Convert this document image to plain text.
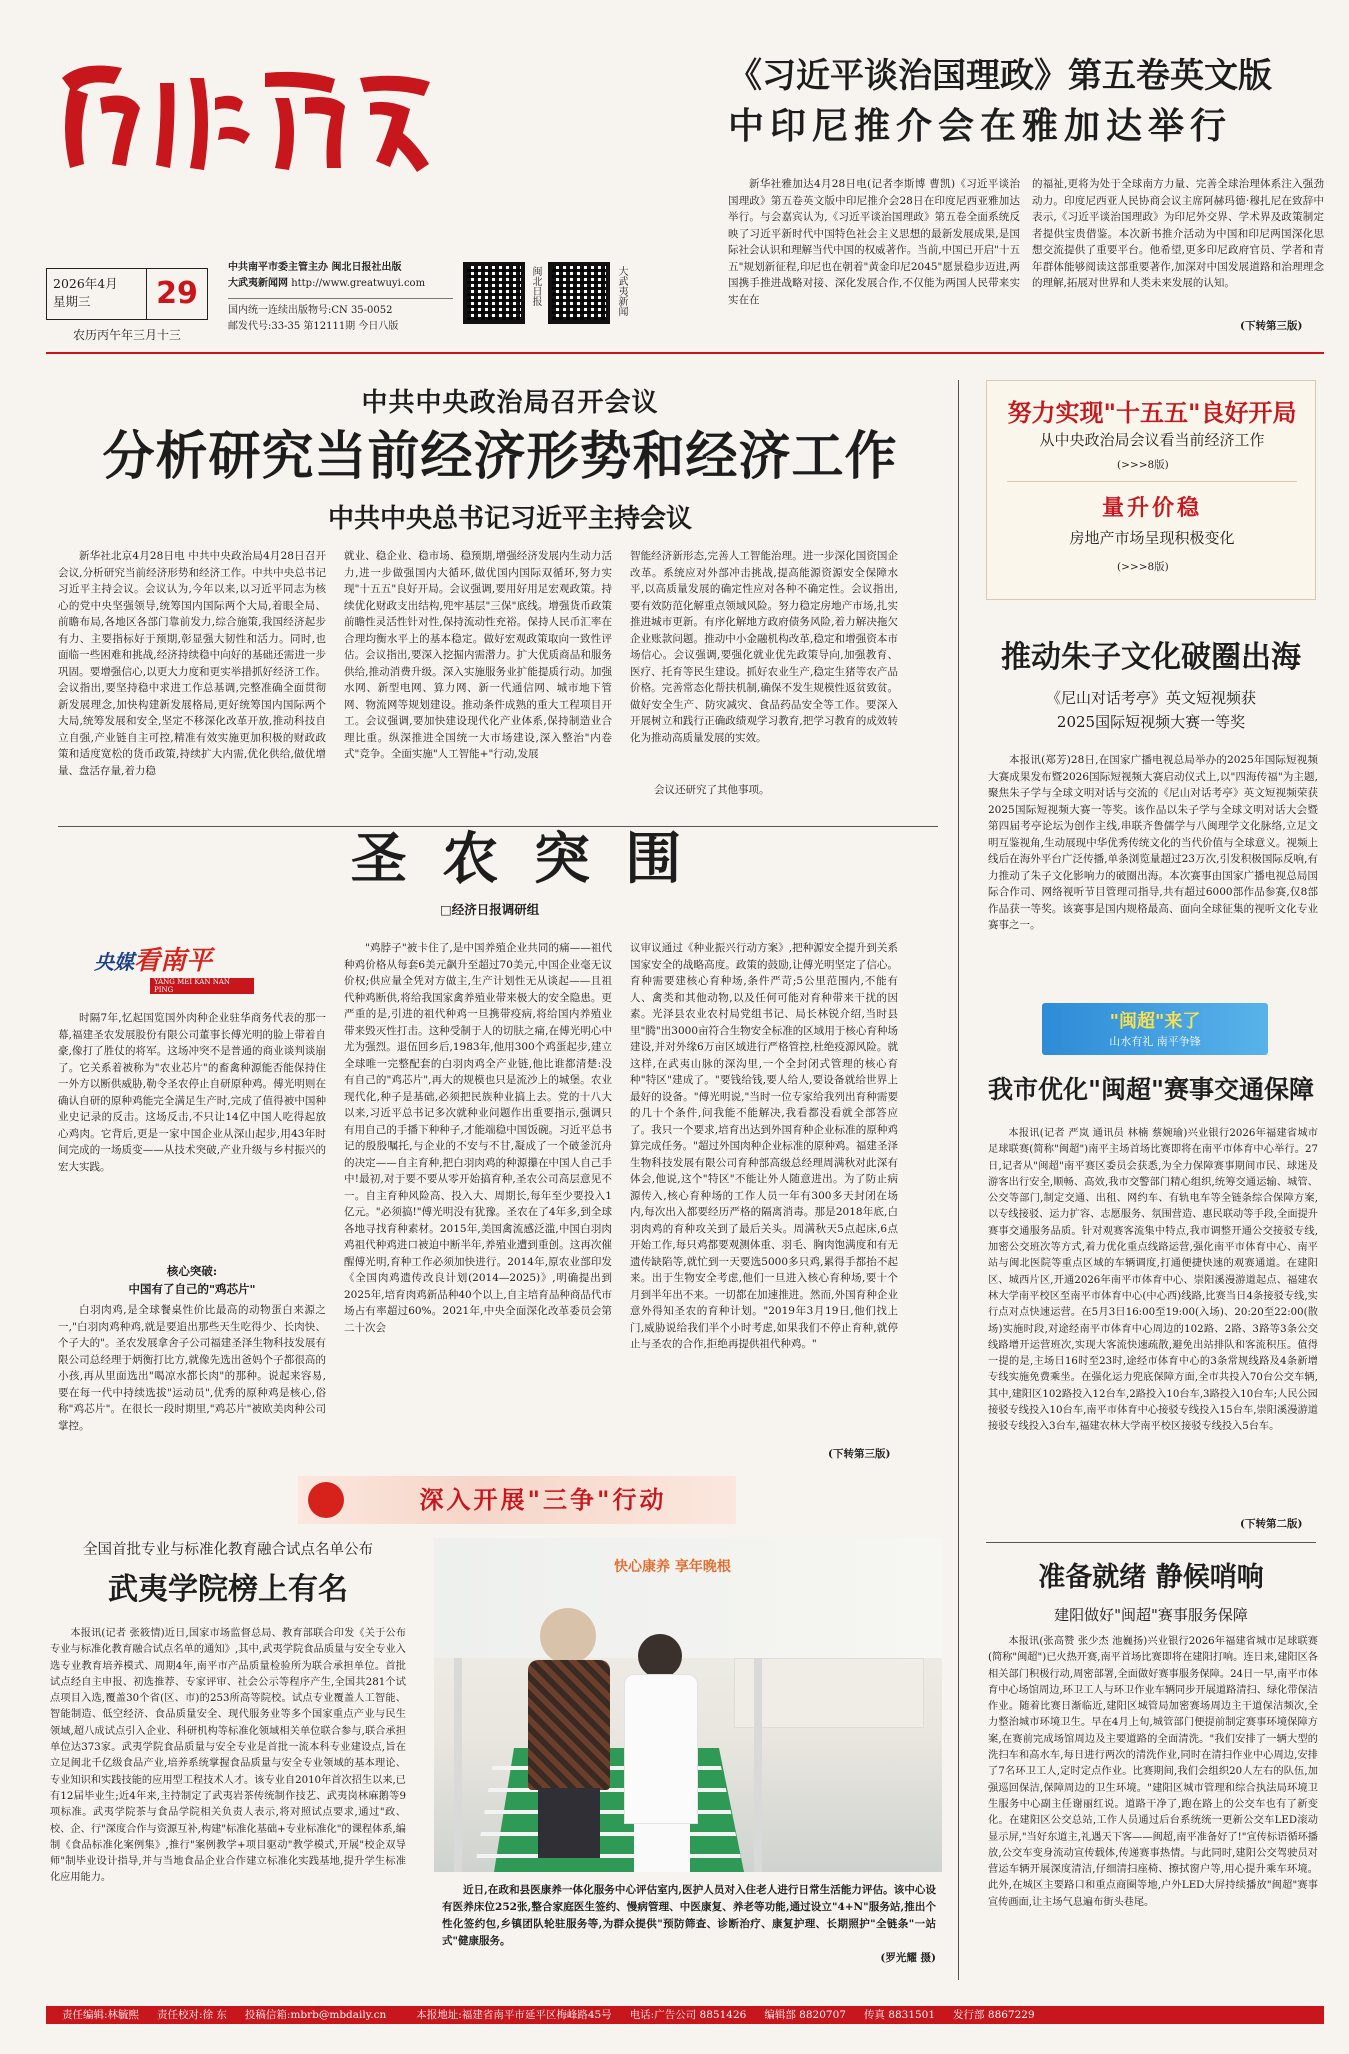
2026年4月
星期三	29
农历丙午年三月十三
中共南平市委主管主办 闽北日报社出版
大武夷新闻网 http://www.greatwuyi.com
国内统一连续出版物号:CN 35-0052
邮发代号:33-35 第12111期 今日八版
闽北日报	大武夷新闻
《习近平谈治国理政》第五卷英文版
中印尼推介会在雅加达举行

新华社雅加达4月28日电(记者李斯博 曹凯)《习近平谈治国理政》第五卷英文版中印尼推介会28日在印度尼西亚雅加达举行。与会嘉宾认为,《习近平谈治国理政》第五卷全面系统反映了习近平新时代中国特色社会主义思想的最新发展成果,是国际社会认识和理解当代中国的权威著作。当前,中国已开启"十五五"规划新征程,印尼也在朝着"黄金印尼2045"愿景稳步迈进,两国携手推进战略对接、深化发展合作,不仅能为两国人民带来实实在在

的福祉,更将为处于全球南方力量、完善全球治理体系注入强劲动力。印度尼西亚人民协商会议主席阿赫玛德·穆扎尼在致辞中表示,《习近平谈治国理政》为印尼外交界、学术界及政策制定者提供宝贵借鉴。本次新书推介活动为中国和印尼两国深化思想交流提供了重要平台。他希望,更多印尼政府官员、学者和青年群体能够阅读这部重要著作,加深对中国发展道路和治理理念的理解,拓展对世界和人类未来发展的认知。

(下转第三版)
中共中央政治局召开会议
分析研究当前经济形势和经济工作
中共中央总书记习近平主持会议

新华社北京4月28日电 中共中央政治局4月28日召开会议,分析研究当前经济形势和经济工作。中共中央总书记习近平主持会议。会议认为,今年以来,以习近平同志为核心的党中央坚强领导,统筹国内国际两个大局,着眼全局、前瞻布局,各地区各部门靠前发力,综合施策,我国经济起步有力、主要指标好于预期,彰显强大韧性和活力。同时,也面临一些困难和挑战,经济持续稳中向好的基础还需进一步巩固。要增强信心,以更大力度和更实举措抓好经济工作。会议指出,要坚持稳中求进工作总基调,完整准确全面贯彻新发展理念,加快构建新发展格局,更好统筹国内国际两个大局,统筹发展和安全,坚定不移深化改革开放,推动科技自立自强,产业链自主可控,精准有效实施更加积极的财政政策和适度宽松的货币政策,持续扩大内需,优化供给,做优增量、盘活存量,着力稳

就业、稳企业、稳市场、稳预期,增强经济发展内生动力活力,进一步做强国内大循环,做优国内国际双循环,努力实现"十五五"良好开局。会议强调,要用好用足宏观政策。持续优化财政支出结构,兜牢基层"三保"底线。增强货币政策前瞻性灵活性针对性,保持流动性充裕。保持人民币汇率在合理均衡水平上的基本稳定。做好宏观政策取向一致性评估。会议指出,要深入挖掘内需潜力。扩大优质商品和服务供给,推动消费升级。深入实施服务业扩能提质行动。加强水网、新型电网、算力网、新一代通信网、城市地下管网、物流网等规划建设。推动条件成熟的重大工程项目开工。会议强调,要加快建设现代化产业体系,保持制造业合理比重。纵深推进全国统一大市场建设,深入整治"内卷式"竞争。全面实施"人工智能+"行动,发展

智能经济新形态,完善人工智能治理。进一步深化国资国企改革。系统应对外部冲击挑战,提高能源资源安全保障水平,以高质量发展的确定性应对各种不确定性。会议指出,要有效防范化解重点领域风险。努力稳定房地产市场,扎实推进城市更新。有序化解地方政府债务风险,着力解决拖欠企业账款问题。推动中小金融机构改革,稳定和增强资本市场信心。会议强调,要强化就业优先政策导向,加强教育、医疗、托育等民生建设。抓好农业生产,稳定生猪等农产品价格。完善常态化帮扶机制,确保不发生规模性返贫致贫。做好安全生产、防灾减灾、食品药品安全等工作。要深入开展树立和践行正确政绩观学习教育,把学习教育的成效转化为推动高质量发展的实效。

会议还研究了其他事项。
圣 农 突 围
□经济日报调研组
央媒 看南平
YANG MEI KAN NAN PING

时隔7年,忆起国览国外肉种企业驻华商务代表的那一幕,福建圣农发展股份有限公司董事长傅光明的脸上带着自豪,像打了胜仗的将军。这场冲突不是普通的商业谈判谈崩了。它关系着被称为"农业芯片"的畜禽种源能否能保持住一外方以断供威胁,勒令圣农停止自研原种鸡。傅光明则在确认自研的原种鸡能完全满足生产时,完成了值得被中国种业史记录的反击。这场反击,不只让14亿中国人吃得起放心鸡肉。它背后,更是一家中国企业从深山起步,用43年时间完成的一场质变——从技术突破,产业升级与乡村振兴的宏大实践。

核心突破:
中国有了自己的"鸡芯片"

白羽肉鸡,是全球餐桌性价比最高的动物蛋白来源之一,"白羽肉鸡种鸡,就是要追出那些天生吃得少、长肉快、个子大的"。圣农发展拿舍子公司福建圣泽生物科技发展有限公司总经理于炳衡打比方,就像先选出爸妈个子都很高的小孩,再从里面选出"喝凉水都长肉"的那种。说起来容易,要在每一代中持续选拔"运动员",优秀的原种鸡是核心,俗称"鸡芯片"。在很长一段时期里,"鸡芯片"被欧美肉种公司掌控。

"鸡脖子"被卡住了,是中国养殖企业共同的痛——祖代种鸡价格从每套6美元飙升至超过70美元,中国企业毫无议价权;供应量全凭对方做主,生产计划性无从谈起——且祖代种鸡断供,将给我国家禽养殖业带来极大的安全隐患。更严重的是,引进的祖代种鸡一旦携带疫病,将给国内养殖业带来毁灭性打击。这种受制于人的切肤之痛,在傅光明心中尤为强烈。退伍回乡后,1983年,他用300个鸡蛋起步,建立全球唯一完整配套的白羽肉鸡全产业链,他比谁都清楚:没有自己的"鸡芯片",再大的规模也只是流沙上的城堡。农业现代化,种子是基础,必须把民族种业搞上去。党的十八大以来,习近平总书记多次就种业问题作出重要指示,强调只有用自己的手播下种种子,才能端稳中国饭碗。习近平总书记的殷殷嘱托,与企业的不安与不甘,凝成了一个破釜沉舟的决定——自主育种,把白羽肉鸡的种源攥在中国人自己手中!最初,对于要不要从零开始搞育种,圣农公司高层意见不一。自主育种风险高、投入大、周期长,每年至少要投入1亿元。"必须搞!"傅光明没有犹豫。圣农在了4年多,到全球各地寻找育种素材。2015年,美国禽流感泛滥,中国白羽肉鸡祖代种鸡进口被迫中断半年,养殖业遭到重创。这再次催醒傅光明,育种工作必须加快进行。2014年,原农业部印发《全国肉鸡遗传改良计划(2014—2025)》,明确提出到2025年,培育肉鸡新品种40个以上,自主培育品种商品代市场占有率超过60%。2021年,中央全面深化改革委员会第二十次会

议审议通过《种业振兴行动方案》,把种源安全提升到关系国家安全的战略高度。政策的鼓励,让傅光明坚定了信心。育种需要建核心育种场,条件严苛;5公里范围内,不能有人、禽类和其他动物,以及任何可能对育种带来干扰的因素。光泽县农业农村局党组书记、局长林锐介绍,当时县里"腾"出3000亩符合生物安全标准的区域用于核心育种场建设,并对外缘6万亩区域进行严格管控,杜绝疫源风险。就这样,在武夷山脉的深沟里,一个全封闭式管理的核心育种"特区"建成了。"要钱给钱,要人给人,要设备就给世界上最好的设备。"傅光明说,"当时一位专家给我列出育种需要的几十个条件,问我能不能解决,我看都没看就全部答应了。我只一个要求,培育出达到外国育种企业标准的原种鸡算完成任务。"超过外国肉种企业标准的原种鸡。福建圣泽生物科技发展有限公司育种部高级总经理周满秋对此深有体会,他说,这个"特区"不能让外人随意进出。为了防止病源传入,核心育种场的工作人员一年有300多天封闭在场内,每次出入都要经历严格的隔离消毒。那是2018年底,白羽肉鸡的育种攻关到了最后关头。周满秋天5点起床,6点开始工作,每只鸡都要观测体重、羽毛、胸肉饱满度和有无遗传缺陷等,就忙到一天要选5000多只鸡,累得手都抬不起来。出于生物安全考虑,他们一旦进入核心育种场,要十个月到半年出不来。一切都在加速推进。然而,外国育种企业意外得知圣农的育种计划。"2019年3月19日,他们找上门,威胁说给我们半个小时考虑,如果我们不停止育种,就停止与圣农的合作,拒绝再提供祖代种鸡。"

(下转第三版)
深入开展"三争"行动
全国首批专业与标准化教育融合试点名单公布
武夷学院榜上有名

本报讯(记者 张筱情)近日,国家市场监督总局、教育部联合印发《关于公布专业与标准化教育融合试点名单的通知》,其中,武夷学院食品质量与安全专业入选专业教育培养模式、周期4年,南平市产品质量检验所为联合承担单位。首批试点经自主申报、初选推荐、专家评审、社会公示等程序产生,全国共281个试点项目入选,覆盖30个省(区、市)的253所高等院校。试点专业覆盖人工智能、智能制造、低空经济、食品质量安全、现代服务业等多个国家重点产业与民生领域,超八成试点引入企业、科研机构等标准化领域相关单位联合参与,联合承担单位达373家。武夷学院食品质量与安全专业是首批一流本科专业建设点,旨在立足闽北千亿级食品产业,培养系统掌握食品质量与安全专业领域的基本理论、专业知识和实践技能的应用型工程技术人才。该专业自2010年首次招生以来,已有12届毕业生;近4年来,主持制定了武夷岩茶传统制作技艺、武夷岗林麻鹅等9项标准。武夷学院茶与食品学院相关负责人表示,将对照试点要求,通过"政、校、企、行"深度合作与资源互补,构建"标准化基础+专业标准化"的课程体系,编制《食品标准化案例集》,推行"案例教学+项目驱动"教学模式,开展"校企双导师"制毕业设计指导,并与当地食品企业合作建立标准化实践基地,提升学生标准化应用能力。

快心康养 享年晚根

近日,在政和县医康养一体化服务中心评估室内,医护人员对入住老人进行日常生活能力评估。该中心设有医养床位252张,整合家庭医生签约、慢病管理、中医康复、养老等功能,通过设立"4+N"服务站,推出个性化签约包,乡镇团队轮驻服务等,为群众提供"预防筛查、诊断治疗、康复护理、长期照护"全链条"一站式"健康服务。

(罗光耀 摄)
努力实现"十五五"良好开局
从中央政治局会议看当前经济工作
(>>>8版)
量升价稳
房地产市场呈现积极变化
(>>>8版)
推动朱子文化破圈出海
《尼山对话考亭》英文短视频获
2025国际短视频大赛一等奖

本报讯(郑芳)28日,在国家广播电视总局举办的2025年国际短视频大赛成果发布暨2026国际短视频大赛启动仪式上,以"四海传福"为主题,聚焦朱子学与全球文明对话与交流的《尼山对话考亭》英文短视频荣获2025国际短视频大赛一等奖。该作品以朱子学与全球文明对话大会暨第四届考亭论坛为创作主线,串联齐鲁儒学与八闽理学文化脉络,立足文明互鉴视角,生动展现中华优秀传统文化的当代价值与全球意义。视频上线后在海外平台广泛传播,单条浏览量超过23万次,引发积极国际反响,有力推动了朱子文化影响力的破圈出海。本次赛事由国家广播电视总局国际合作司、网络视听节目管理司指导,共有超过6000部作品参赛,仅8部作品获一等奖。该赛事是国内规格最高、面向全球征集的视听文化专业赛事之一。

"闽超"来了
山水有礼 南平争锋
我市优化"闽超"赛事交通保障

本报讯(记者 严岚 通讯员 林楠 蔡婉瑜)兴业银行2026年福建省城市足球联赛(简称"闽超")南平主场首场比赛即将在南平市体育中心举行。27日,记者从"闽超"南平赛区委员会获悉,为全力保障赛事期间市民、球迷及游客出行安全,顺畅、高效,我市交警部门精心组织,统筹交通运输、城管、公交等部门,制定交通、出租、网约车、有轨电车等全链条综合保障方案,以专线接驳、运力扩容、志愿服务、氛围营造、惠民联动等手段,全面提升赛事交通服务品质。针对观赛客流集中特点,我市调整开通公交接驳专线,加密公交班次等方式,着力优化重点线路运营,强化南平市体育中心、南平站与闽北医院等重点区域的车辆调度,打通便捷快速的观赛通道。在建阳区、城西片区,开通2026年南平市体育中心、崇阳溪漫游道起点、福建农林大学南平校区至南平市体育中心(中心西)线路,比赛当日4条接驳专线,实行点对点快速运营。在5月3日16:00至19:00(入场)、20:20至22:00(散场)实施时段,对途经南平市体育中心周边的102路、2路、3路等3条公交线路增开运营班次,实现大客流快速疏散,避免出站排队和客流积压。值得一提的是,主场日16时至23时,途经市体育中心的3条常规线路及4条新增专线实施免费乘坐。在强化运力兜底保障方面,全市共投入70台公交车辆,其中,建阳区102路投入12台车,2路投入10台车,3路投入10台车;人民公园接驳专线投入10台车,南平市体育中心接驳专线投入15台车,崇阳溪漫游道接驳专线投入3台车,福建农林大学南平校区接驳专线投入5台车。

(下转第二版)
准备就绪 静候哨响
建阳做好"闽超"赛事服务保障

本报讯(张高赞 张少杰 池巍扬)兴业银行2026年福建省城市足球联赛(简称"闽超")已火热开赛,南平首场比赛即将在建阳打响。连日来,建阳区各相关部门积极行动,周密部署,全面做好赛事服务保障。24日一早,南平市体育中心场馆周边,环卫工人与环卫作业车辆同步开展道路清扫、绿化带保洁作业。随着比赛日渐临近,建阳区城管局加密赛场周边主干道保洁频次,全力整治城市环境卫生。早在4月上旬,城管部门便提前制定赛事环境保障方案,在赛前完成场馆周边及主要道路的全面清洗。"我们安排了一辆大型的洗扫车和高水车,每日进行两次的清洗作业,同时在清扫作业中心周边,安排了7名环卫工人,定时定点作业。比赛期间,我们会组织20人左右的队伍,加强巡回保洁,保障周边的卫生环境。"建阳区城市管理和综合执法局环境卫生服务中心副主任谢丽红说。道路干净了,跑在路上的公交车也有了新变化。在建阳区公交总站,工作人员通过后台系统统一更新公交车LED滚动显示屏,"当好东道主,礼遇天下客——闽超,南平准备好了!"宣传标语循环播放,公交车变身流动宣传载体,传递赛事热情。与此同时,建阳公交驾驶员对营运车辆开展深度清洁,仔细清扫座椅、擦拭窗户等,用心提升乘车环境。此外,在城区主要路口和重点商圈等地,户外LED大屏持续播放"闽超"赛事宣传画面,让主场气息遍布街头巷尾。

责任编辑:林毓熙 责任校对:徐 东 投稿信箱:mbrb@mbdaily.cn	本报地址:福建省南平市延平区梅峰路45号 电话:广告公司 8851426 编辑部 8820707 传真 8831501 发行部 8867229
